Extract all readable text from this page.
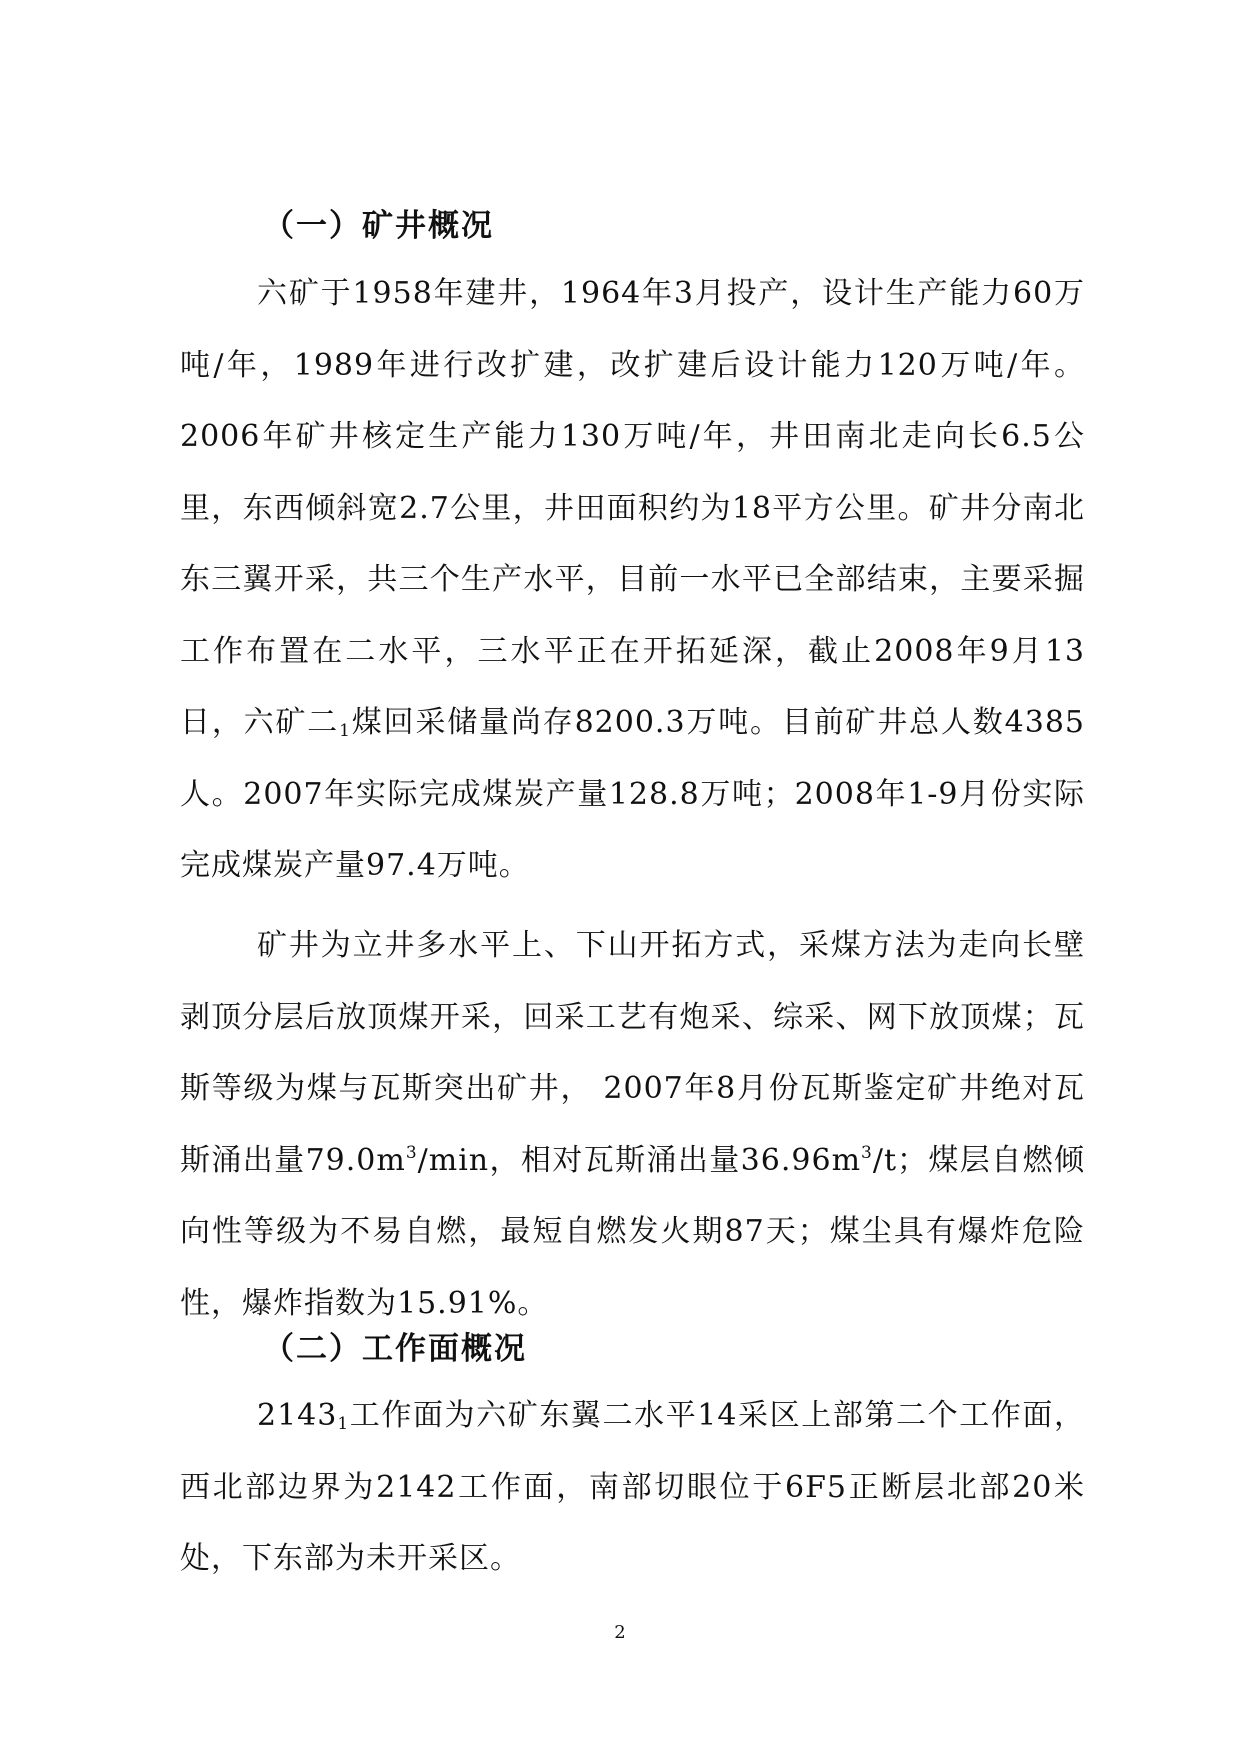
（一）矿井概况

六矿于1958年建井，1964年3月投产，设计生产能力60万吨/年，1989年进行改扩建，改扩建后设计能力120万吨/年。2006年矿井核定生产能力130万吨/年，井田南北走向长6.5公里，东西倾斜宽2.7公里，井田面积约为18平方公里。矿井分南北东三翼开采，共三个生产水平，目前一水平已全部结束，主要采掘工作布置在二水平，三水平正在开拓延深，截止2008年9月13日，六矿二$_1$煤回采储量尚存8200.3万吨。目前矿井总人数4385人。2007年实际完成煤炭产量128.8万吨；2008年1-9月份实际完成煤炭产量97.4万吨。

矿井为立井多水平上、下山开拓方式，采煤方法为走向长壁剥顶分层后放顶煤开采，回采工艺有炮采、综采、网下放顶煤；瓦斯等级为煤与瓦斯突出矿井， 2007年8月份瓦斯鉴定矿井绝对瓦斯涌出量$79.0m^3/\min$，相对瓦斯涌出量$36.96m^3/t$；煤层自燃倾向性等级为不易自燃，最短自燃发火期87天；煤尘具有爆炸危险性，爆炸指数为15.91%。

（二）工作面概况

$2143_1$工作面为六矿东翼二水平14采区上部第二个工作面，西北部边界为2142工作面，南部切眼位于6F5正断层北部20米处，下东部为未开采区。

2
